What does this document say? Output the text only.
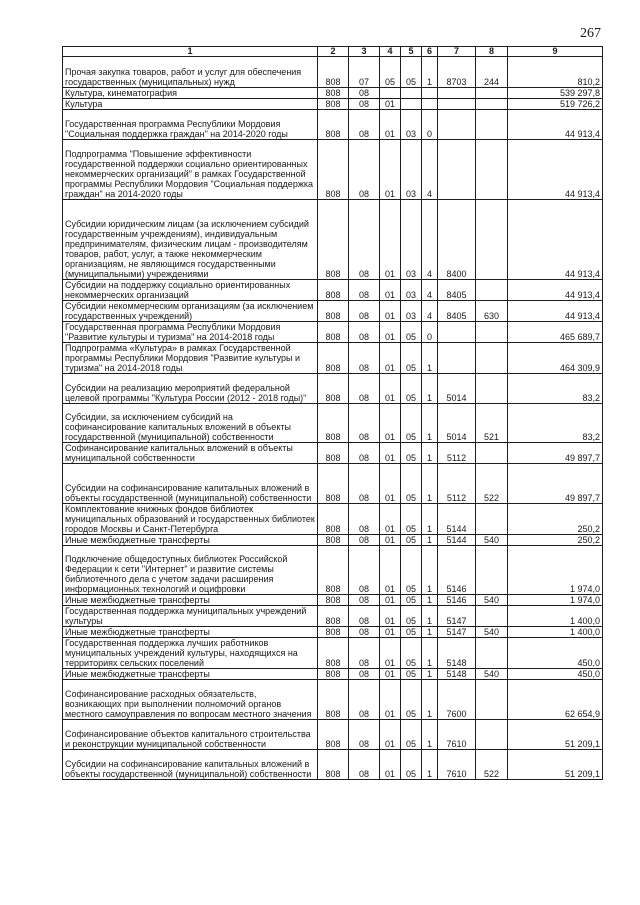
267
1	2	3	4	5	6	7	8	9
Прочая закупка товаров, работ и услуг для обеспечения государственных (муниципальных) нужд	808	07	05	05	1	8703	244	810,2
Культура, кинематография	808	08						539 297,8
Культура	808	08	01					519 726,2
Государственная программа Республики Мордовия "Социальная поддержка граждан" на 2014-2020 годы	808	08	01	03	0			44 913,4
Подпрограмма "Повышение эффективности государственной поддержки социально ориентированных некоммерческих организаций" в рамках Государственной программы Республики Мордовия "Социальная поддержка граждан" на 2014-2020 годы	808	08	01	03	4			44 913,4
Субсидии юридическим лицам (за исключением субсидий государственным учреждениям), индивидуальным предпринимателям, физическим лицам - производителям товаров, работ, услуг, а также некоммерческим организациям, не являющимся государственными (муниципальными) учреждениями	808	08	01	03	4	8400		44 913,4
Субсидии на поддержку социально ориентированных некоммерческих организаций	808	08	01	03	4	8405		44 913,4
Субсидии некоммерческим организациям (за исключением государственных учреждений)	808	08	01	03	4	8405	630	44 913,4
Государственная программа Республики Мордовия "Развитие культуры и туризма" на 2014-2018 годы	808	08	01	05	0			465 689,7
Подпрограмма «Культура» в рамках Государственной программы Республики Мордовия "Развитие культуры и туризма" на 2014-2018 годы	808	08	01	05	1			464 309,9
Субсидии на реализацию мероприятий федеральной целевой программы "Культура России (2012 - 2018 годы)"	808	08	01	05	1	5014		83,2
Субсидии, за исключением субсидий на софинансирование капитальных вложений в объекты государственной (муниципальной) собственности	808	08	01	05	1	5014	521	83,2
Софинансирование капитальных вложений в объекты муниципальной собственности	808	08	01	05	1	5112		49 897,7
Субсидии на софинансирование капитальных вложений в объекты государственной (муниципальной) собственности	808	08	01	05	1	5112	522	49 897,7
Комплектование книжных фондов библиотек муниципальных образований и государственных библиотек городов Москвы и Санкт-Петербурга	808	08	01	05	1	5144		250,2
Иные межбюджетные трансферты	808	08	01	05	1	5144	540	250,2
Подключение общедоступных библиотек Российской Федерации к сети "Интернет" и развитие системы библиотечного дела с учетом задачи расширения информационных технологий и оцифровки	808	08	01	05	1	5146		1 974,0
Иные межбюджетные трансферты	808	08	01	05	1	5146	540	1 974,0
Государственная поддержка муниципальных учреждений культуры	808	08	01	05	1	5147		1 400,0
Иные межбюджетные трансферты	808	08	01	05	1	5147	540	1 400,0
Государственная поддержка лучших работников муниципальных учреждений культуры, находящихся на территориях сельских поселений	808	08	01	05	1	5148		450,0
Иные межбюджетные трансферты	808	08	01	05	1	5148	540	450,0
Софинансирование расходных обязательств, возникающих при выполнении полномочий органов местного самоуправления по вопросам местного значения	808	08	01	05	1	7600		62 654,9
Софинансирование объектов капитального строительства и реконструкции муниципальной собственности	808	08	01	05	1	7610		51 209,1
Субсидии на софинансирование капитальных вложений в объекты государственной (муниципальной) собственности	808	08	01	05	1	7610	522	51 209,1
